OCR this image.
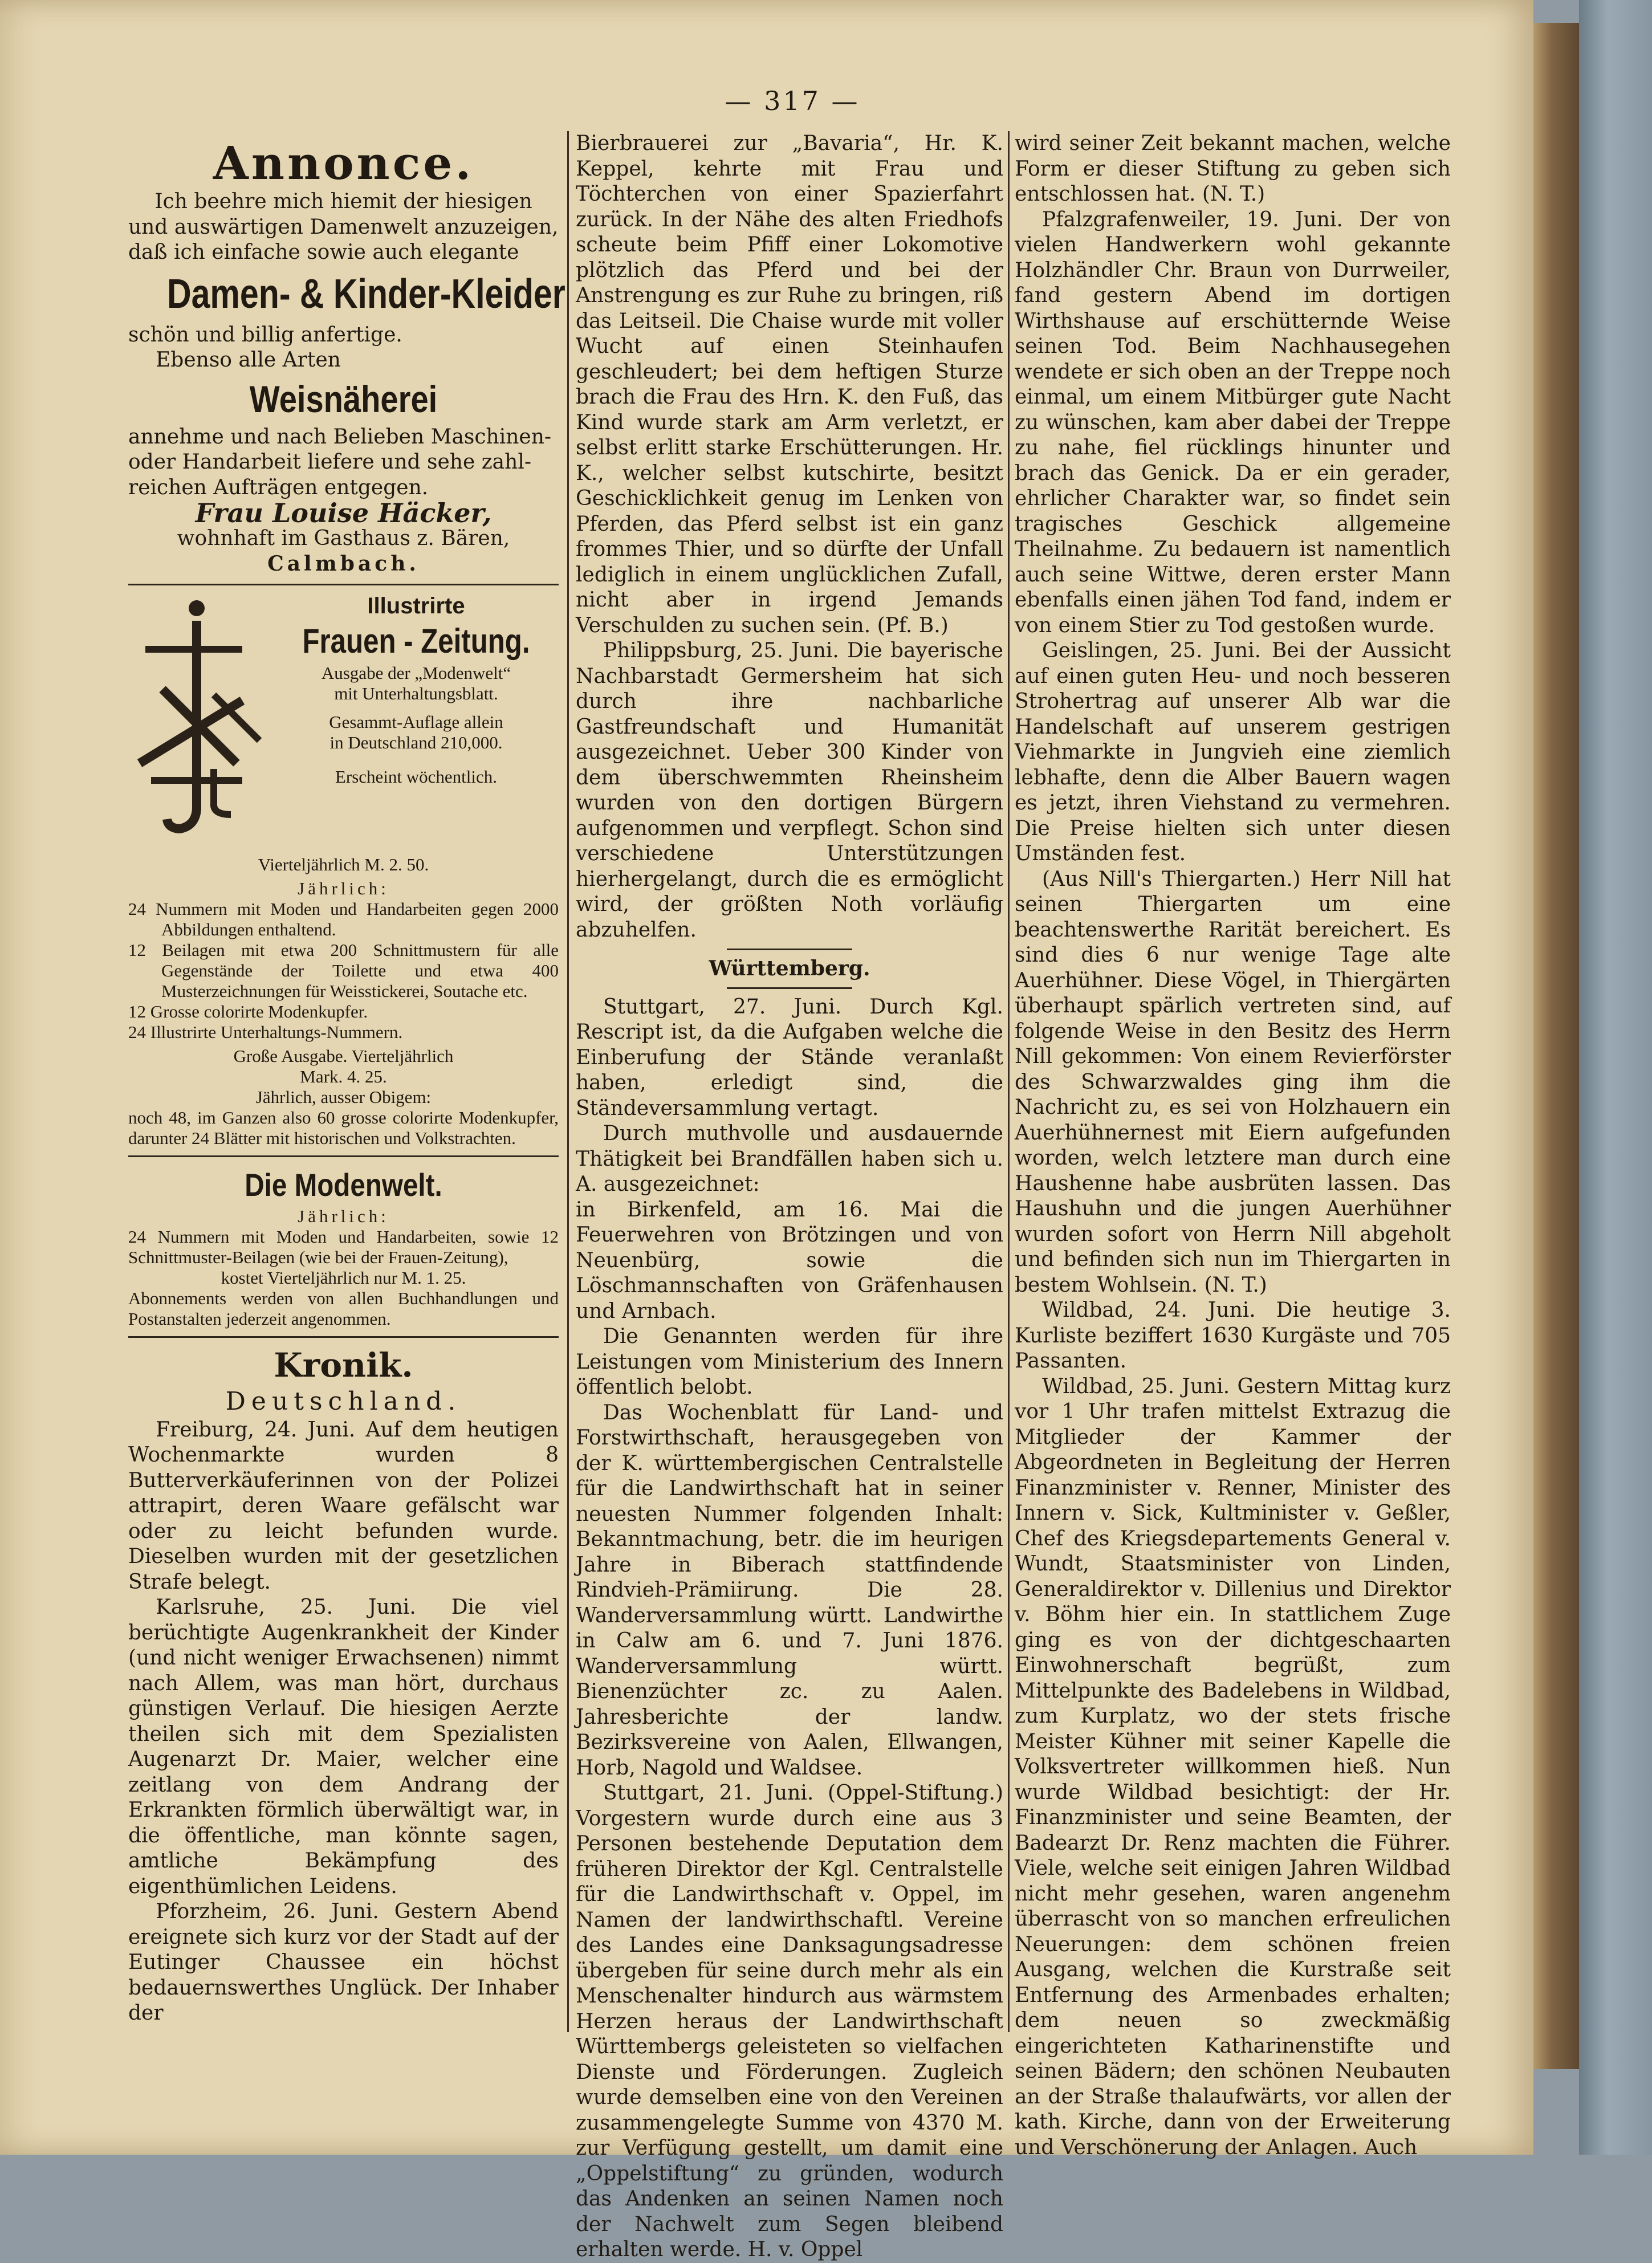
— 317 —
Annonce.

Ich beehre mich hiemit der hiesigen

und auswärtigen Damenwelt anzuzeigen,

daß ich einfache sowie auch elegante

Damen- & Kinder-Kleider

schön und billig anfertige.

Ebenso alle Arten

Weisnäherei

annehme und nach Belieben Maschinen-

oder Handarbeit liefere und sehe zahl-

reichen Aufträgen entgegen.

Frau Louise Häcker,

wohnhaft im Gasthaus z. Bären,

Calmbach.

Illustrirte
Frauen - Zeitung.

Ausgabe der „Modenwelt“

mit Unterhaltungsblatt.

Gesammt-Auflage allein

in Deutschland 210,000.

Erscheint wöchentlich.

Vierteljährlich M. 2. 50.

Jährlich:

24 Nummern mit Moden und Handarbeiten gegen 2000 Abbildungen enthaltend.

12 Beilagen mit etwa 200 Schnittmustern für alle Gegenstände der Toilette und etwa 400 Musterzeichnungen für Weisstickerei, Soutache etc.

12 Grosse colorirte Modenkupfer.

24 Illustrirte Unterhaltungs-Nummern.

Große Ausgabe. Vierteljährlich

Mark. 4. 25.

Jährlich, ausser Obigem:

noch 48, im Ganzen also 60 grosse colorirte Modenkupfer, darunter 24 Blätter mit historischen und Volkstrachten.

Die Modenwelt.

Jährlich:

24 Nummern mit Moden und Handarbeiten, sowie 12 Schnittmuster-Beilagen (wie bei der Frauen-Zeitung),

kostet Vierteljährlich nur M. 1. 25.

Abonnements werden von allen Buchhandlungen und Postanstalten jederzeit angenommen.

Kronik.
Deutschland.

Freiburg, 24. Juni. Auf dem heutigen Wochenmarkte wurden 8 Butterverkäuferinnen von der Polizei attrapirt, deren Waare gefälscht war oder zu leicht befunden wurde. Dieselben wurden mit der gesetzlichen Strafe belegt.

Karlsruhe, 25. Juni. Die viel berüchtigte Augenkrankheit der Kinder (und nicht weniger Erwachsenen) nimmt nach Allem, was man hört, durchaus günstigen Verlauf. Die hiesigen Aerzte theilen sich mit dem Spezialisten Augenarzt Dr. Maier, welcher eine zeitlang von dem Andrang der Erkrankten förmlich überwältigt war, in die öffentliche, man könnte sagen, amtliche Bekämpfung des eigenthümlichen Leidens.

Pforzheim, 26. Juni. Gestern Abend ereignete sich kurz vor der Stadt auf der Eutinger Chaussee ein höchst bedauernswerthes Unglück. Der Inhaber der

Bierbrauerei zur „Bavaria“, Hr. K. Keppel, kehrte mit Frau und Töchterchen von einer Spazierfahrt zurück. In der Nähe des alten Friedhofs scheute beim Pfiff einer Lokomotive plötzlich das Pferd und bei der Anstrengung es zur Ruhe zu bringen, riß das Leitseil. Die Chaise wurde mit voller Wucht auf einen Steinhaufen geschleudert; bei dem heftigen Sturze brach die Frau des Hrn. K. den Fuß, das Kind wurde stark am Arm verletzt, er selbst erlitt starke Erschütterungen. Hr. K., welcher selbst kutschirte, besitzt Geschicklichkeit genug im Lenken von Pferden, das Pferd selbst ist ein ganz frommes Thier, und so dürfte der Unfall lediglich in einem unglücklichen Zufall, nicht aber in irgend Jemands Verschulden zu suchen sein. (Pf. B.)

Philippsburg, 25. Juni. Die bayerische Nachbarstadt Germersheim hat sich durch ihre nachbarliche Gastfreundschaft und Humanität ausgezeichnet. Ueber 300 Kinder von dem überschwemmten Rheinsheim wurden von den dortigen Bürgern aufgenommen und verpflegt. Schon sind verschiedene Unterstützungen hierhergelangt, durch die es ermöglicht wird, der größten Noth vorläufig abzuhelfen.

Württemberg.

Stuttgart, 27. Juni. Durch Kgl. Rescript ist, da die Aufgaben welche die Einberufung der Stände veranlaßt haben, erledigt sind, die Ständeversammlung vertagt.

Durch muthvolle und ausdauernde Thätigkeit bei Brandfällen haben sich u. A. ausgezeichnet:

in Birkenfeld, am 16. Mai die Feuerwehren von Brötzingen und von Neuenbürg, sowie die Löschmannschaften von Gräfenhausen und Arnbach.

Die Genannten werden für ihre Leistungen vom Ministerium des Innern öffentlich belobt.

Das Wochenblatt für Land- und Forstwirthschaft, herausgegeben von der K. württembergischen Centralstelle für die Landwirthschaft hat in seiner neuesten Nummer folgenden Inhalt: Bekanntmachung, betr. die im heurigen Jahre in Biberach stattfindende Rindvieh-Prämiirung. Die 28. Wanderversammlung württ. Landwirthe in Calw am 6. und 7. Juni 1876. Wanderversammlung württ. Bienenzüchter zc. zu Aalen. Jahresberichte der landw. Bezirksvereine von Aalen, Ellwangen, Horb, Nagold und Waldsee.

Stuttgart, 21. Juni. (Oppel-Stiftung.) Vorgestern wurde durch eine aus 3 Personen bestehende Deputation dem früheren Direktor der Kgl. Centralstelle für die Landwirthschaft v. Oppel, im Namen der landwirthschaftl. Vereine des Landes eine Danksagungsadresse übergeben für seine durch mehr als ein Menschenalter hindurch aus wärmstem Herzen heraus der Landwirthschaft Württembergs geleisteten so vielfachen Dienste und Förderungen. Zugleich wurde demselben eine von den Vereinen zusammengelegte Summe von 4370 M. zur Verfügung gestellt, um damit eine „Oppelstiftung“ zu gründen, wodurch das Andenken an seinen Namen noch der Nachwelt zum Segen bleibend erhalten werde. H. v. Oppel

wird seiner Zeit bekannt machen, welche Form er dieser Stiftung zu geben sich entschlossen hat. (N. T.)

Pfalzgrafenweiler, 19. Juni. Der von vielen Handwerkern wohl gekannte Holzhändler Chr. Braun von Durrweiler, fand gestern Abend im dortigen Wirthshause auf erschütternde Weise seinen Tod. Beim Nachhausegehen wendete er sich oben an der Treppe noch einmal, um einem Mitbürger gute Nacht zu wünschen, kam aber dabei der Treppe zu nahe, fiel rücklings hinunter und brach das Genick. Da er ein gerader, ehrlicher Charakter war, so findet sein tragisches Geschick allgemeine Theilnahme. Zu bedauern ist namentlich auch seine Wittwe, deren erster Mann ebenfalls einen jähen Tod fand, indem er von einem Stier zu Tod gestoßen wurde.

Geislingen, 25. Juni. Bei der Aussicht auf einen guten Heu- und noch besseren Strohertrag auf unserer Alb war die Handelschaft auf unserem gestrigen Viehmarkte in Jungvieh eine ziemlich lebhafte, denn die Alber Bauern wagen es jetzt, ihren Viehstand zu vermehren. Die Preise hielten sich unter diesen Umständen fest.

(Aus Nill's Thiergarten.) Herr Nill hat seinen Thiergarten um eine beachtenswerthe Rarität bereichert. Es sind dies 6 nur wenige Tage alte Auerhühner. Diese Vögel, in Thiergärten überhaupt spärlich vertreten sind, auf folgende Weise in den Besitz des Herrn Nill gekommen: Von einem Revierförster des Schwarzwaldes ging ihm die Nachricht zu, es sei von Holzhauern ein Auerhühnernest mit Eiern aufgefunden worden, welch letztere man durch eine Haushenne habe ausbrüten lassen. Das Haushuhn und die jungen Auerhühner wurden sofort von Herrn Nill abgeholt und befinden sich nun im Thiergarten in bestem Wohlsein. (N. T.)

Wildbad, 24. Juni. Die heutige 3. Kurliste beziffert 1630 Kurgäste und 705 Passanten.

Wildbad, 25. Juni. Gestern Mittag kurz vor 1 Uhr trafen mittelst Extrazug die Mitglieder der Kammer der Abgeordneten in Begleitung der Herren Finanzminister v. Renner, Minister des Innern v. Sick, Kultminister v. Geßler, Chef des Kriegsdepartements General v. Wundt, Staatsminister von Linden, Generaldirektor v. Dillenius und Direktor v. Böhm hier ein. In stattlichem Zuge ging es von der dichtgeschaarten Einwohnerschaft begrüßt, zum Mittelpunkte des Badelebens in Wildbad, zum Kurplatz, wo der stets frische Meister Kühner mit seiner Kapelle die Volksvertreter willkommen hieß. Nun wurde Wildbad besichtigt: der Hr. Finanzminister und seine Beamten, der Badearzt Dr. Renz machten die Führer. Viele, welche seit einigen Jahren Wildbad nicht mehr gesehen, waren angenehm überrascht von so manchen erfreulichen Neuerungen: dem schönen freien Ausgang, welchen die Kurstraße seit Entfernung des Armenbades erhalten; dem neuen so zweckmäßig eingerichteten Katharinenstifte und seinen Bädern; den schönen Neubauten an der Straße thalaufwärts, vor allen der kath. Kirche, dann von der Erweiterung und Verschönerung der Anlagen. Auch
